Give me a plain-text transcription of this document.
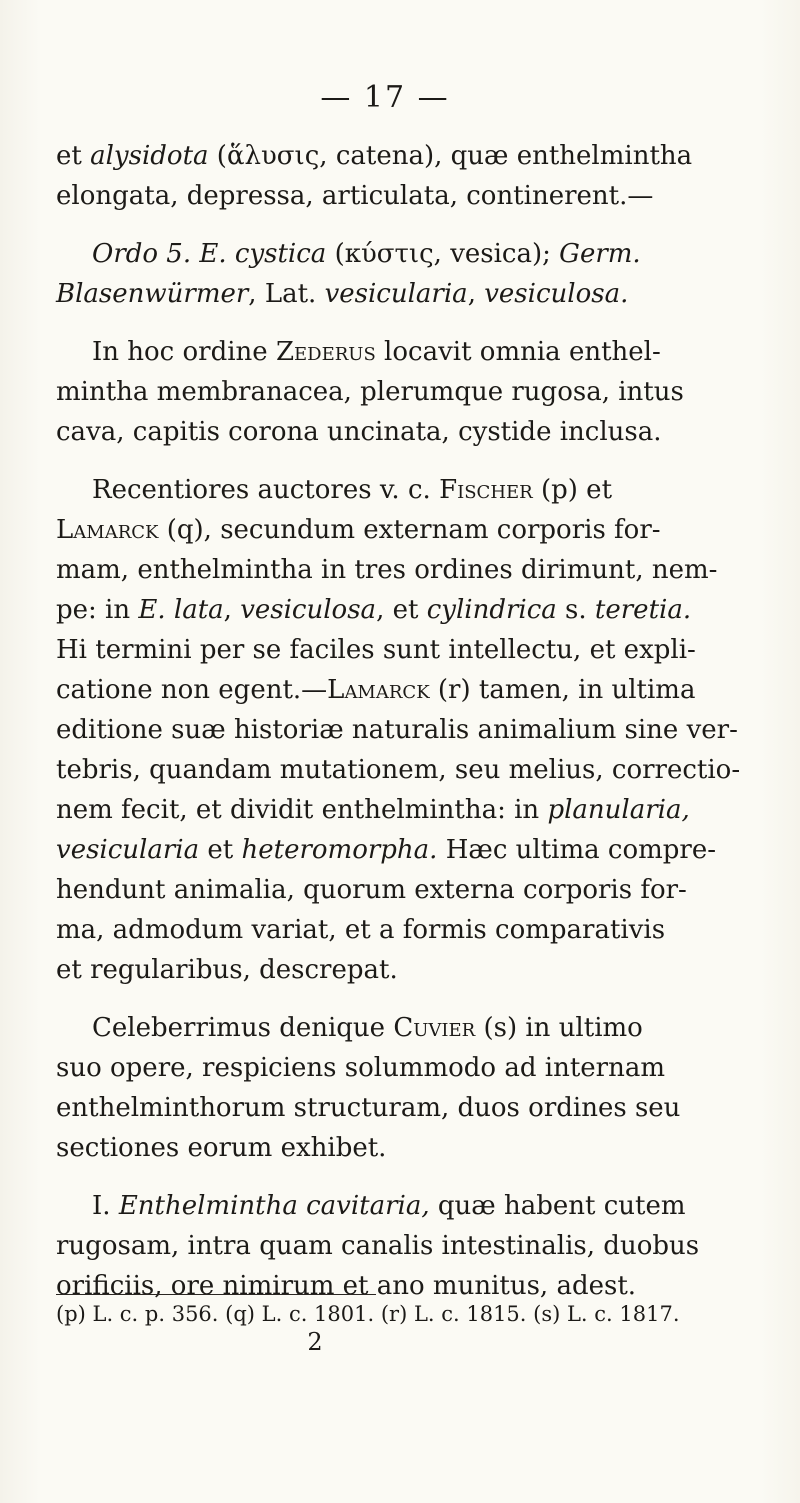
— 17 —
et alysidota (ἅλυσις, catena), quæ enthelmintha
elongata, depressa, articulata, continerent.—
Ordo 5. E. cystica (κύστις, vesica); Germ.
Blasenwürmer, Lat. vesicularia, vesiculosa.
In hoc ordine Zederus locavit omnia enthel-
mintha membranacea, plerumque rugosa, intus
cava, capitis corona uncinata, cystide inclusa.
Recentiores auctores v. c. Fischer (p) et
Lamarck (q), secundum externam corporis for-
mam, enthelmintha in tres ordines dirimunt, nem-
pe: in E. lata, vesiculosa, et cylindrica s. teretia.
Hi termini per se faciles sunt intellectu, et expli-
catione non egent.—Lamarck (r) tamen, in ultima
editione suæ historiæ naturalis animalium sine ver-
tebris, quandam mutationem, seu melius, correctio-
nem fecit, et dividit enthelmintha: in planularia,
vesicularia et heteromorpha. Hæc ultima compre-
hendunt animalia, quorum externa corporis for-
ma, admodum variat, et a formis comparativis
et regularibus, descrepat.
Celeberrimus denique Cuvier (s) in ultimo
suo opere, respiciens solummodo ad internam
enthelminthorum structuram, duos ordines seu
sectiones eorum exhibet.
I. Enthelmintha cavitaria, quæ habent cutem
rugosam, intra quam canalis intestinalis, duobus
orificiis, ore nimirum et ano munitus, adest.
(p) L. c. p. 356. (q) L. c. 1801. (r) L. c. 1815. (s) L. c. 1817.
2
